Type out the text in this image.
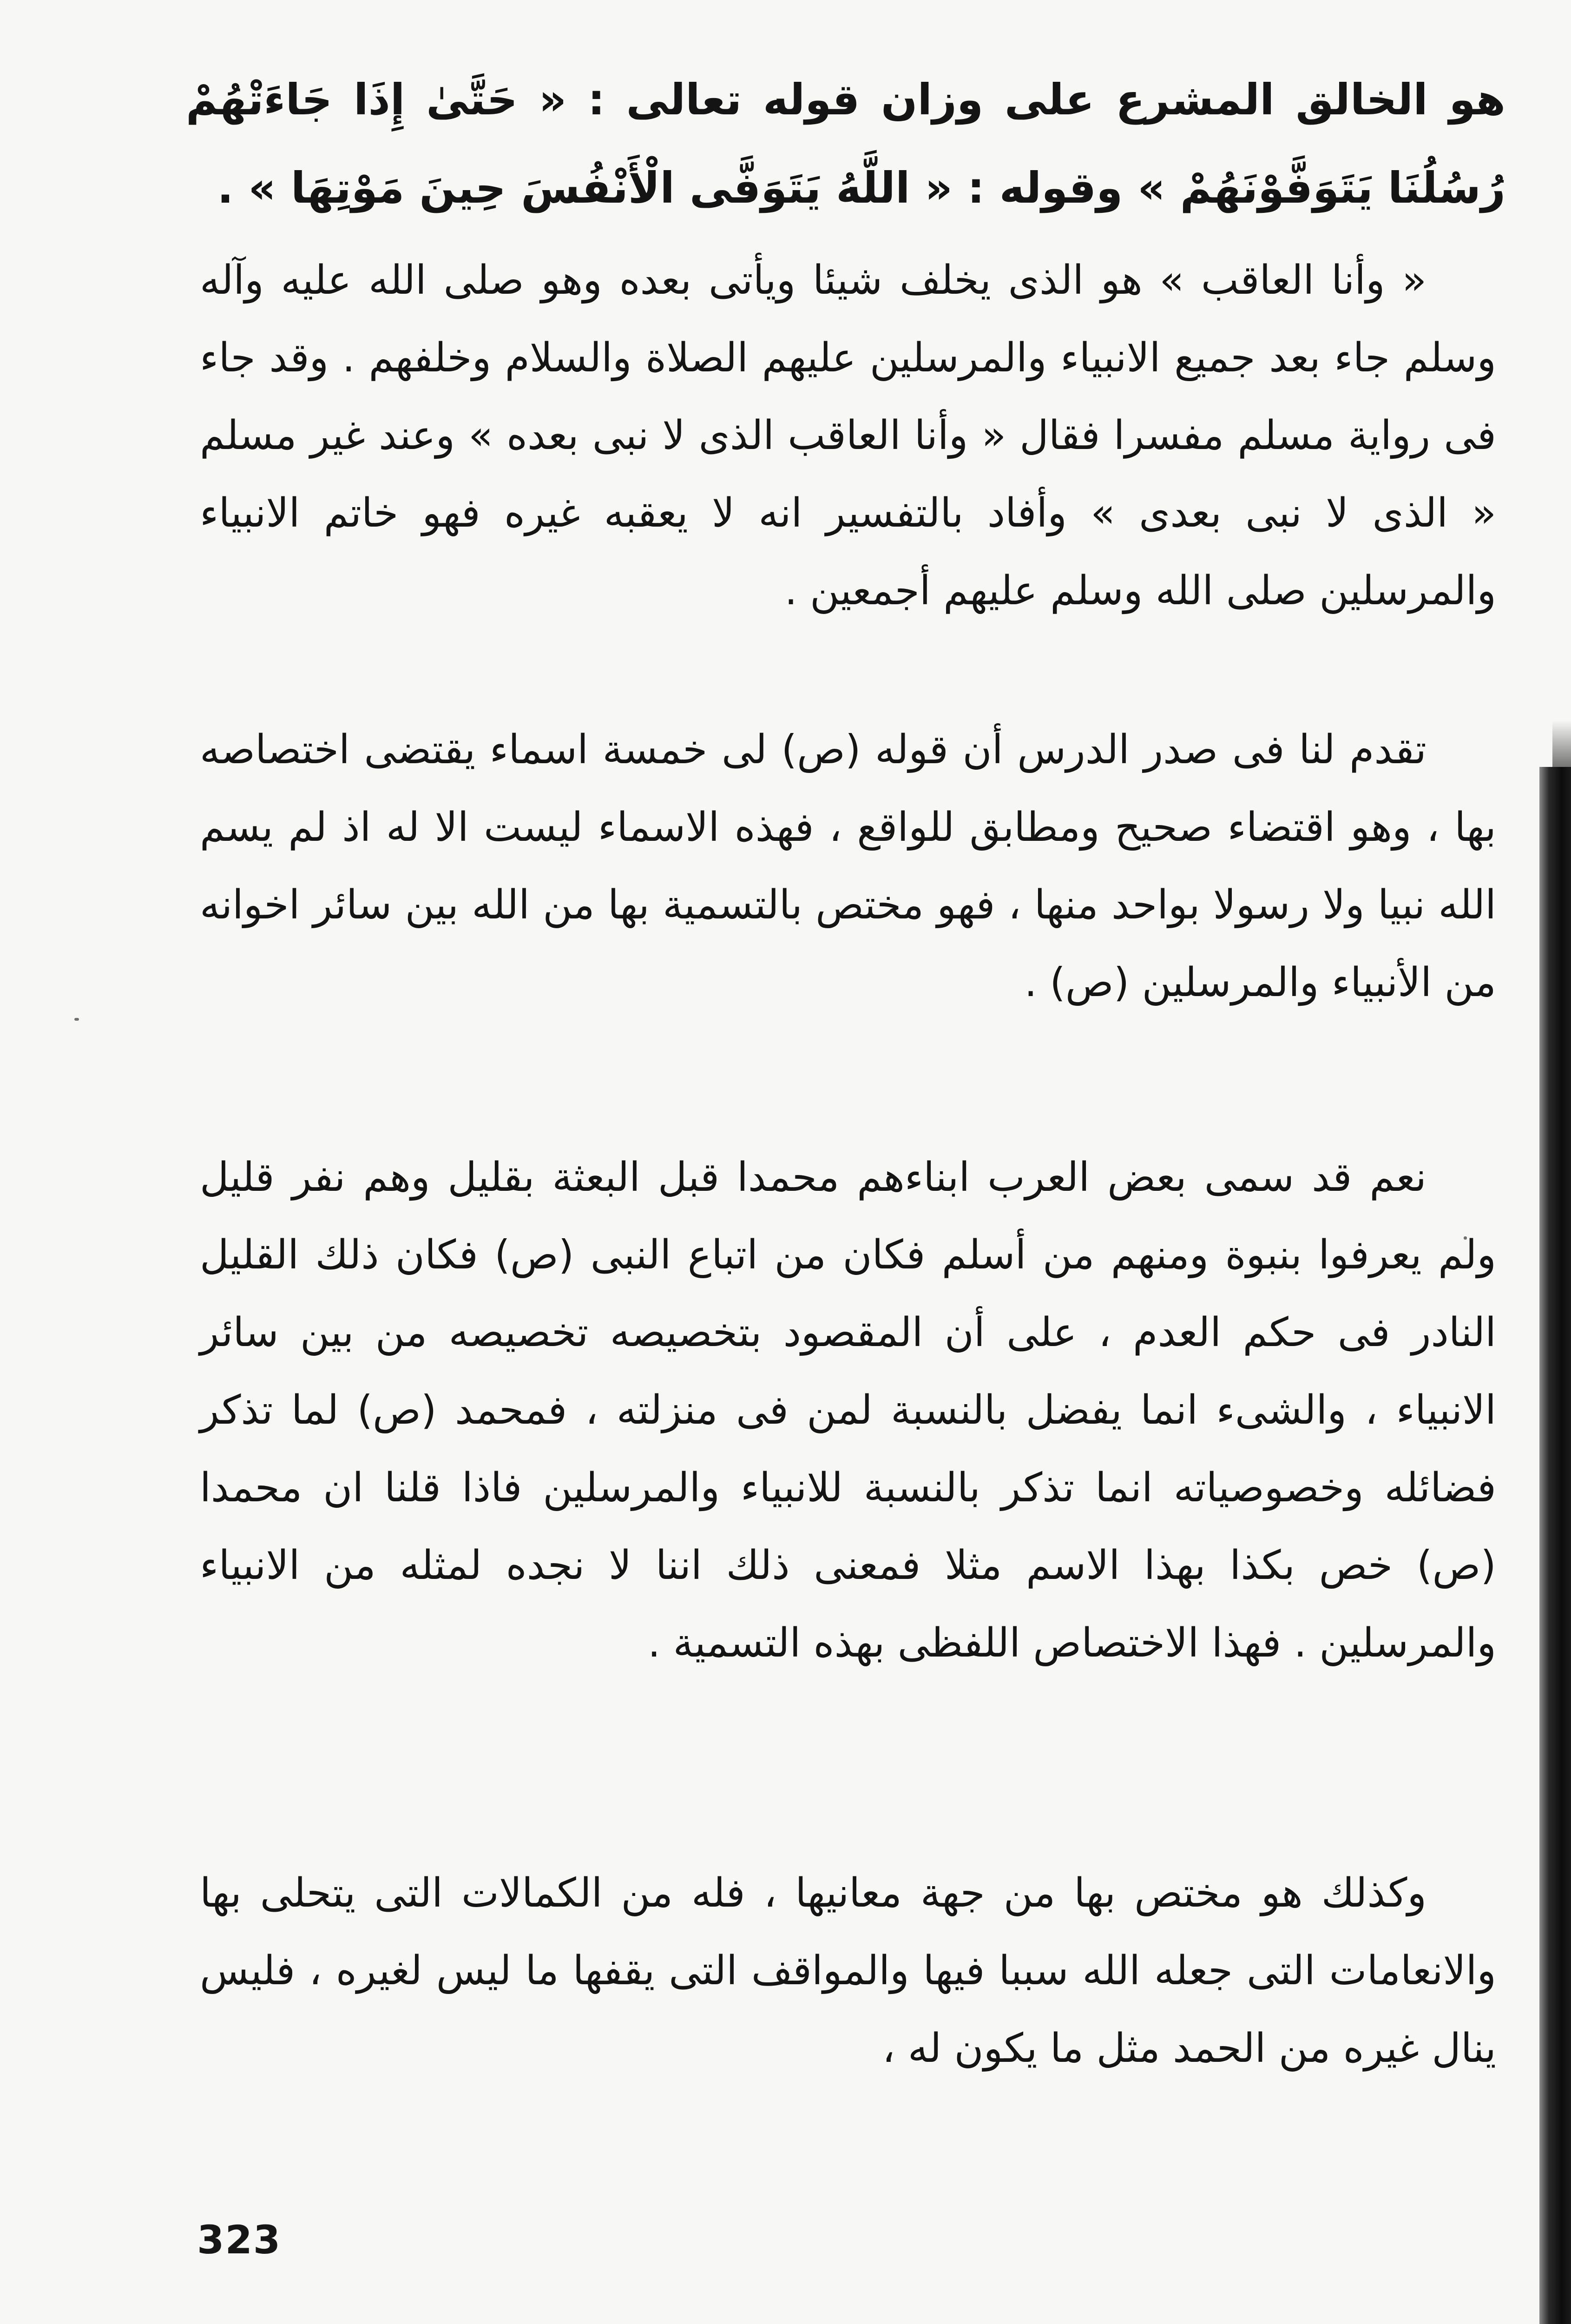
هو الخالق المشرع على وزان قوله تعالى : « حَتَّىٰ إِذَا جَاءَتْهُمْ رُسُلُنَا يَتَوَفَّوْنَهُمْ » وقوله : « اللَّهُ يَتَوَفَّى الْأَنْفُسَ حِينَ مَوْتِهَا » .

« وأنا العاقب » هو الذى يخلف شيئا ويأتى بعده وهو صلى الله عليه وآله وسلم جاء بعد جميع الانبياء والمرسلين عليهم الصلاة والسلام وخلفهم . وقد جاء فى رواية مسلم مفسرا فقال « وأنا العاقب الذى لا نبى بعده » وعند غير مسلم « الذى لا نبى بعدى » وأفاد بالتفسير انه لا يعقبه غيره فهو خاتم الانبياء والمرسلين صلى الله وسلم عليهم أجمعين .

تقدم لنا فى صدر الدرس أن قوله (ص) لى خمسة اسماء يقتضى اختصاصه بها ، وهو اقتضاء صحيح ومطابق للواقع ، فهذه الاسماء ليست الا له اذ لم يسم الله نبيا ولا رسولا بواحد منها ، فهو مختص بالتسمية بها من الله بين سائر اخوانه من الأنبياء والمرسلين (ص) .

نعم قد سمى بعض العرب ابناءهم محمدا قبل البعثة بقليل وهم نفر قليل ولم يعرفوا بنبوة ومنهم من أسلم فكان من اتباع النبى (ص) فكان ذلك القليل النادر فى حكم العدم ، على أن المقصود بتخصيصه تخصيصه من بين سائر الانبياء ، والشىء انما يفضل بالنسبة لمن فى منزلته ، فمحمد (ص) لما تذكر فضائله وخصوصياته انما تذكر بالنسبة للانبياء والمرسلين فاذا قلنا ان محمدا (ص) خص بكذا بهذا الاسم مثلا فمعنى ذلك اننا لا نجده لمثله من الانبياء والمرسلين . فهذا الاختصاص اللفظى بهذه التسمية .

وكذلك هو مختص بها من جهة معانيها ، فله من الكمالات التى يتحلى بها والانعامات التى جعله الله سببا فيها والمواقف التى يقفها ما ليس لغيره ، فليس ينال غيره من الحمد مثل ما يكون له ،

323
